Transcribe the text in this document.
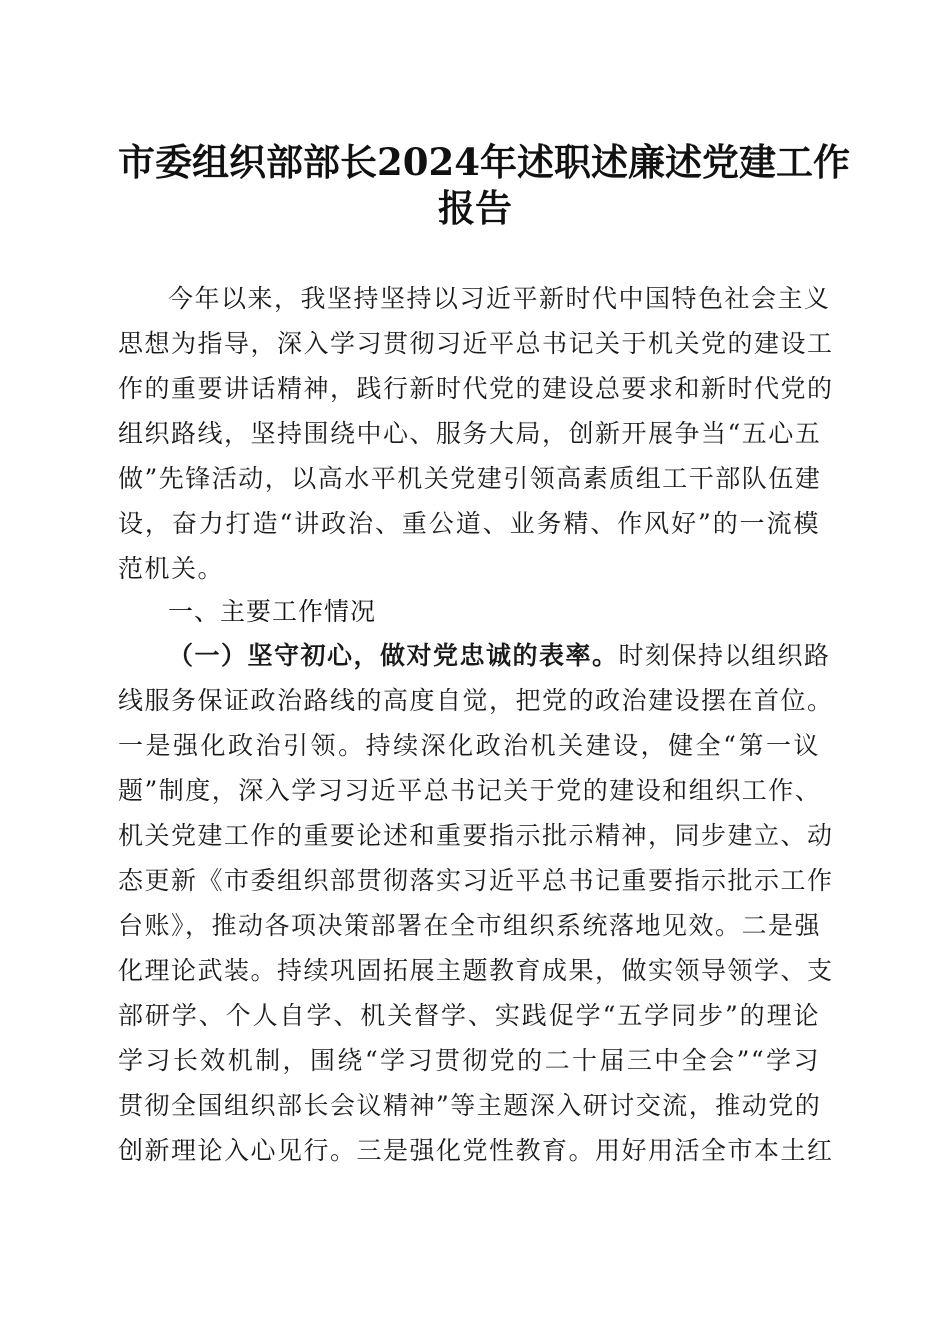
市委组织部部长2024年述职述廉述党建工作
报告

今年以来，我坚持坚持以习近平新时代中国特色社会主义

思想为指导，深入学习贯彻习近平总书记关于机关党的建设工

作的重要讲话精神，践行新时代党的建设总要求和新时代党的

组织路线，坚持围绕中心、服务大局，创新开展争当“五心五

做”先锋活动，以高水平机关党建引领高素质组工干部队伍建

设，奋力打造“讲政治、重公道、业务精、作风好”的一流模

范机关。

一、主要工作情况

（一）坚守初心，做对党忠诚的表率。时刻保持以组织路

线服务保证政治路线的高度自觉，把党的政治建设摆在首位。

一是强化政治引领。持续深化政治机关建设，健全“第一议

题”制度，深入学习习近平总书记关于党的建设和组织工作、

机关党建工作的重要论述和重要指示批示精神，同步建立、动

态更新《市委组织部贯彻落实习近平总书记重要指示批示工作

台账》，推动各项决策部署在全市组织系统落地见效。二是强

化理论武装。持续巩固拓展主题教育成果，做实领导领学、支

部研学、个人自学、机关督学、实践促学“五学同步”的理论

学习长效机制，围绕“学习贯彻党的二十届三中全会”“学习

贯彻全国组织部长会议精神”等主题深入研讨交流，推动党的

创新理论入心见行。三是强化党性教育。用好用活全市本土红
